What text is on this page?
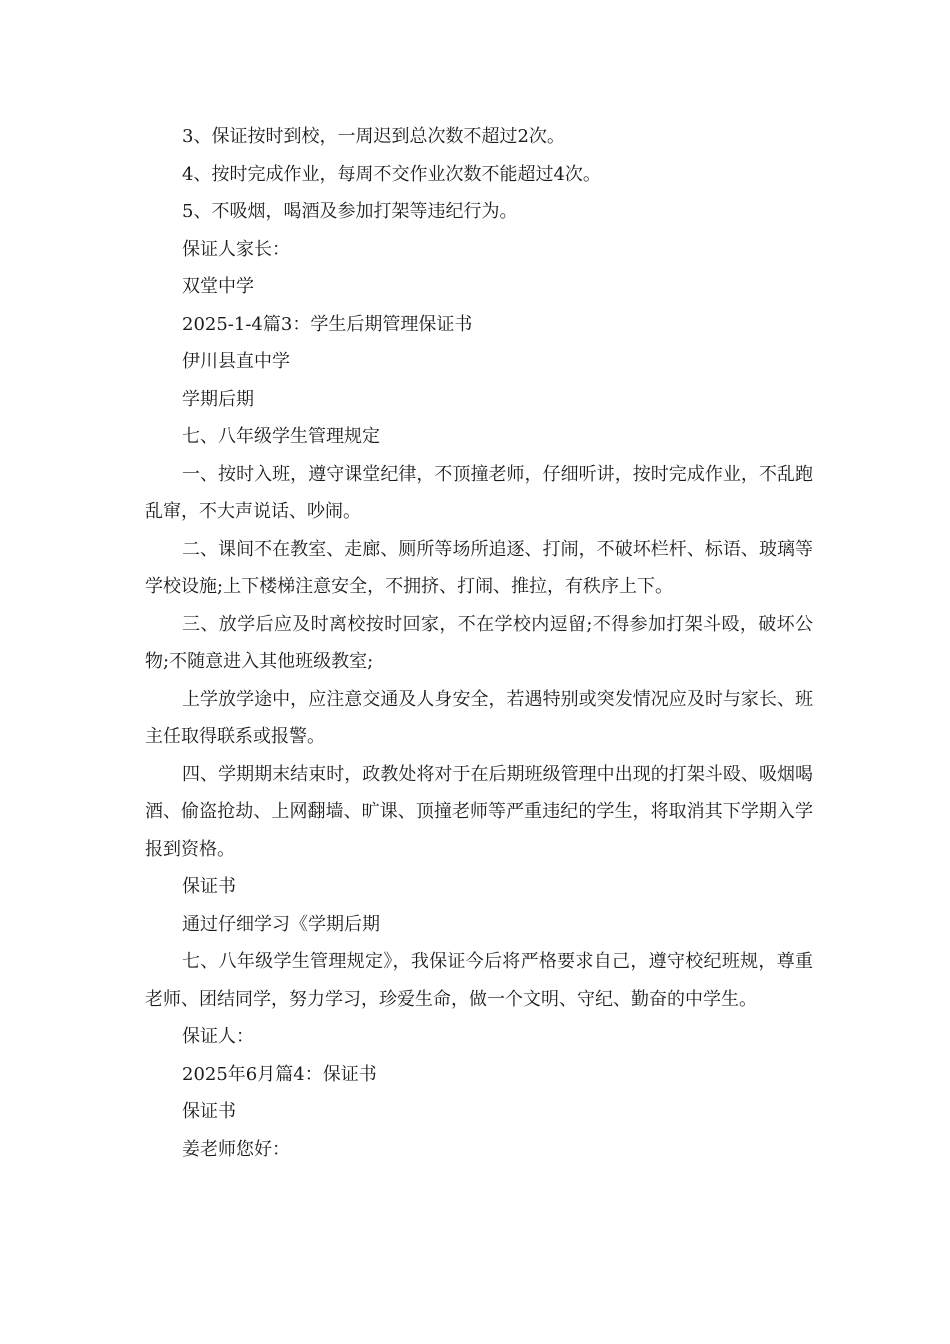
3、保证按时到校，一周迟到总次数不超过2次。

4、按时完成作业，每周不交作业次数不能超过4次。

5、不吸烟，喝酒及参加打架等违纪行为。

保证人家长：

双堂中学

2025-1-4篇3：学生后期管理保证书

伊川县直中学

学期后期

七、八年级学生管理规定

一、按时入班，遵守课堂纪律，不顶撞老师，仔细听讲，按时完成作业，不乱跑乱窜，不大声说话、吵闹。

二、课间不在教室、走廊、厕所等场所追逐、打闹，不破坏栏杆、标语、玻璃等学校设施;上下楼梯注意安全，不拥挤、打闹、推拉，有秩序上下。

三、放学后应及时离校按时回家，不在学校内逗留;不得参加打架斗殴，破坏公物;不随意进入其他班级教室;

上学放学途中，应注意交通及人身安全，若遇特别或突发情况应及时与家长、班主任取得联系或报警。

四、学期期末结束时，政教处将对于在后期班级管理中出现的打架斗殴、吸烟喝酒、偷盗抢劫、上网翻墙、旷课、顶撞老师等严重违纪的学生，将取消其下学期入学报到资格。

保证书

通过仔细学习《学期后期

七、八年级学生管理规定》，我保证今后将严格要求自己，遵守校纪班规，尊重老师、团结同学，努力学习，珍爱生命，做一个文明、守纪、勤奋的中学生。

保证人：

2025年6月篇4：保证书

保证书

姜老师您好：
